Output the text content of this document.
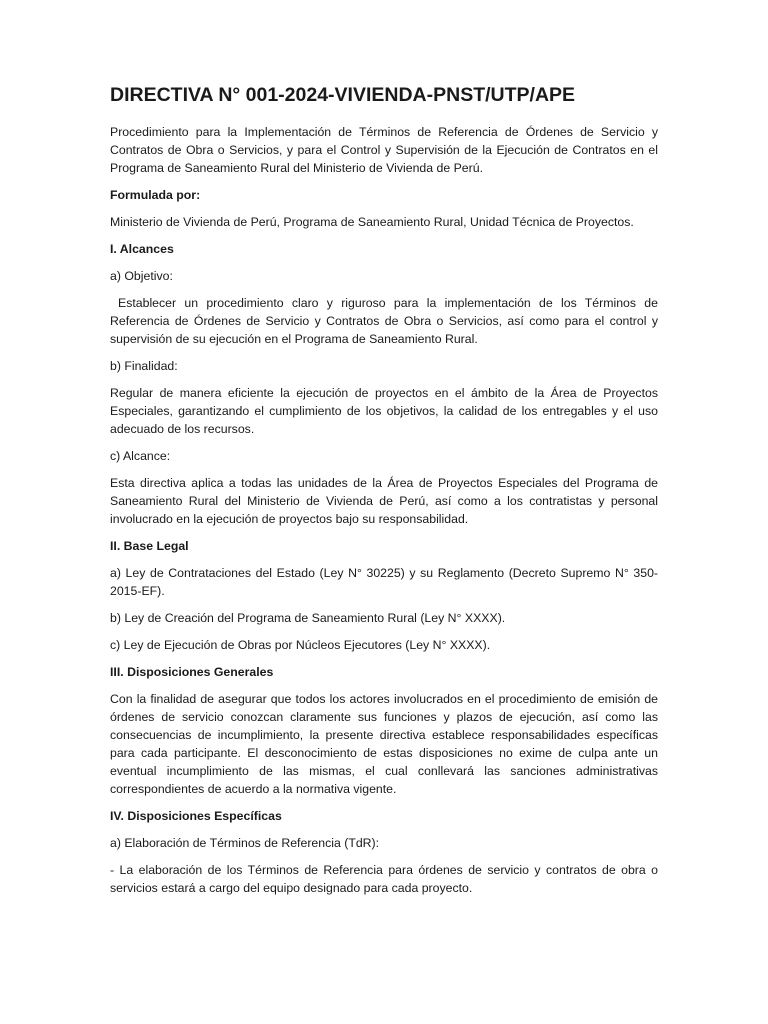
DIRECTIVA N° 001-2024-VIVIENDA-PNST/UTP/APE

Procedimiento para la Implementación de Términos de Referencia de Órdenes de Servicio y Contratos de Obra o Servicios, y para el Control y Supervisión de la Ejecución de Contratos en el Programa de Saneamiento Rural del Ministerio de Vivienda de Perú.

Formulada por:

Ministerio de Vivienda de Perú, Programa de Saneamiento Rural, Unidad Técnica de Proyectos.

I. Alcances

a) Objetivo:

Establecer un procedimiento claro y riguroso para la implementación de los Términos de Referencia de Órdenes de Servicio y Contratos de Obra o Servicios, así como para el control y supervisión de su ejecución en el Programa de Saneamiento Rural.

b) Finalidad:

Regular de manera eficiente la ejecución de proyectos en el ámbito de la Área de Proyectos Especiales, garantizando el cumplimiento de los objetivos, la calidad de los entregables y el uso adecuado de los recursos.

c) Alcance:

Esta directiva aplica a todas las unidades de la Área de Proyectos Especiales del Programa de Saneamiento Rural del Ministerio de Vivienda de Perú, así como a los contratistas y personal involucrado en la ejecución de proyectos bajo su responsabilidad.

II. Base Legal

a) Ley de Contrataciones del Estado (Ley N° 30225) y su Reglamento (Decreto Supremo N° 350-2015-EF).

b) Ley de Creación del Programa de Saneamiento Rural (Ley N° XXXX).

c) Ley de Ejecución de Obras por Núcleos Ejecutores (Ley N° XXXX).

III. Disposiciones Generales

Con la finalidad de asegurar que todos los actores involucrados en el procedimiento de emisión de órdenes de servicio conozcan claramente sus funciones y plazos de ejecución, así como las consecuencias de incumplimiento, la presente directiva establece responsabilidades específicas para cada participante. El desconocimiento de estas disposiciones no exime de culpa ante un eventual incumplimiento de las mismas, el cual conllevará las sanciones administrativas correspondientes de acuerdo a la normativa vigente.

IV. Disposiciones Específicas

a) Elaboración de Términos de Referencia (TdR):

- La elaboración de los Términos de Referencia para órdenes de servicio y contratos de obra o servicios estará a cargo del equipo designado para cada proyecto.
